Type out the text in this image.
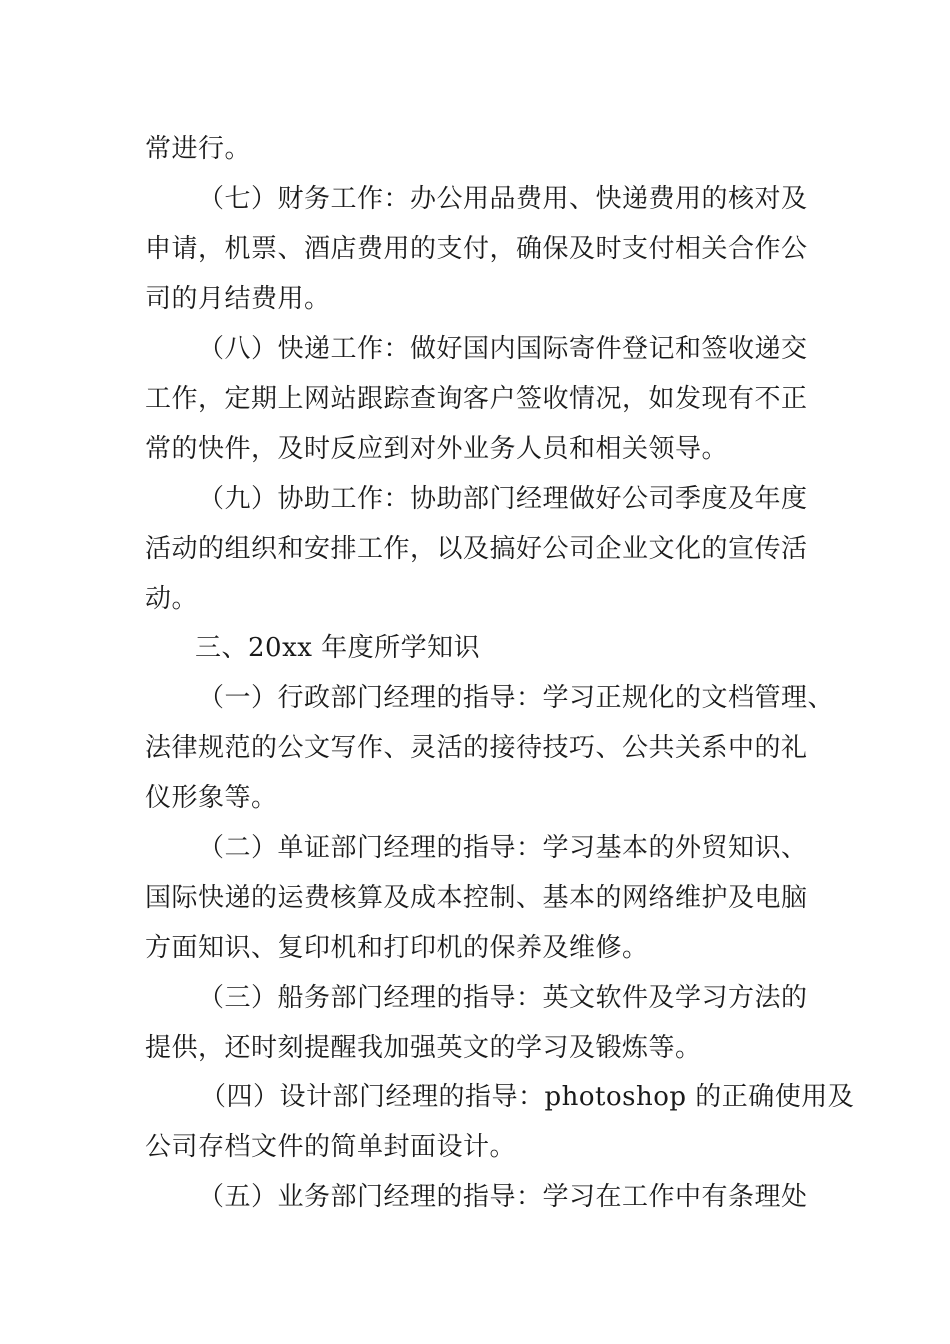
常进行。
（七）财务工作：办公用品费用、快递费用的核对及
申请，机票、酒店费用的支付，确保及时支付相关合作公
司的月结费用。
（八）快递工作：做好国内国际寄件登记和签收递交
工作，定期上网站跟踪查询客户签收情况，如发现有不正
常的快件，及时反应到对外业务人员和相关领导。
（九）协助工作：协助部门经理做好公司季度及年度
活动的组织和安排工作，以及搞好公司企业文化的宣传活
动。
三、20xx 年度所学知识
（一）行政部门经理的指导：学习正规化的文档管理、
法律规范的公文写作、灵活的接待技巧、公共关系中的礼
仪形象等。
（二）单证部门经理的指导：学习基本的外贸知识、
国际快递的运费核算及成本控制、基本的网络维护及电脑
方面知识、复印机和打印机的保养及维修。
（三）船务部门经理的指导：英文软件及学习方法的
提供，还时刻提醒我加强英文的学习及锻炼等。
（四）设计部门经理的指导：photoshop 的正确使用及
公司存档文件的简单封面设计。
（五）业务部门经理的指导：学习在工作中有条理处
